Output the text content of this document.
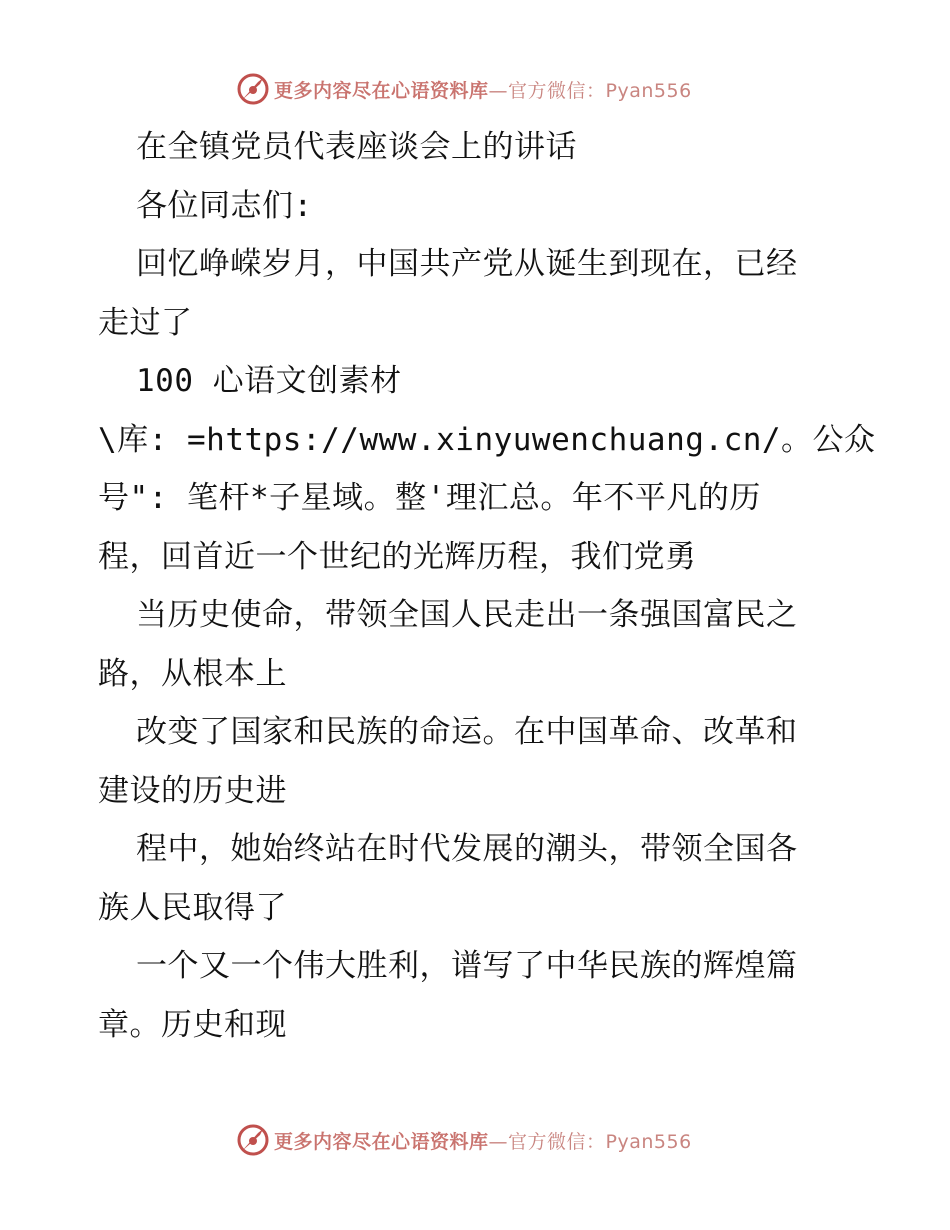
更多内容尽在心语资料库—官方微信：Pyan556
在全镇党员代表座谈会上的讲话
各位同志们:
回忆峥嵘岁月，中国共产党从诞生到现在，已经
走过了
100 心语文创素材
\库: =https://www.xinyuwenchuang.cn/。公众
号": 笔杆*子星域。整'理汇总。年不平凡的历
程，回首近一个世纪的光辉历程，我们党勇
当历史使命，带领全国人民走出一条强国富民之
路，从根本上
改变了国家和民族的命运。在中国革命、改革和
建设的历史进
程中，她始终站在时代发展的潮头，带领全国各
族人民取得了
一个又一个伟大胜利，谱写了中华民族的辉煌篇
章。历史和现
更多内容尽在心语资料库—官方微信：Pyan556
